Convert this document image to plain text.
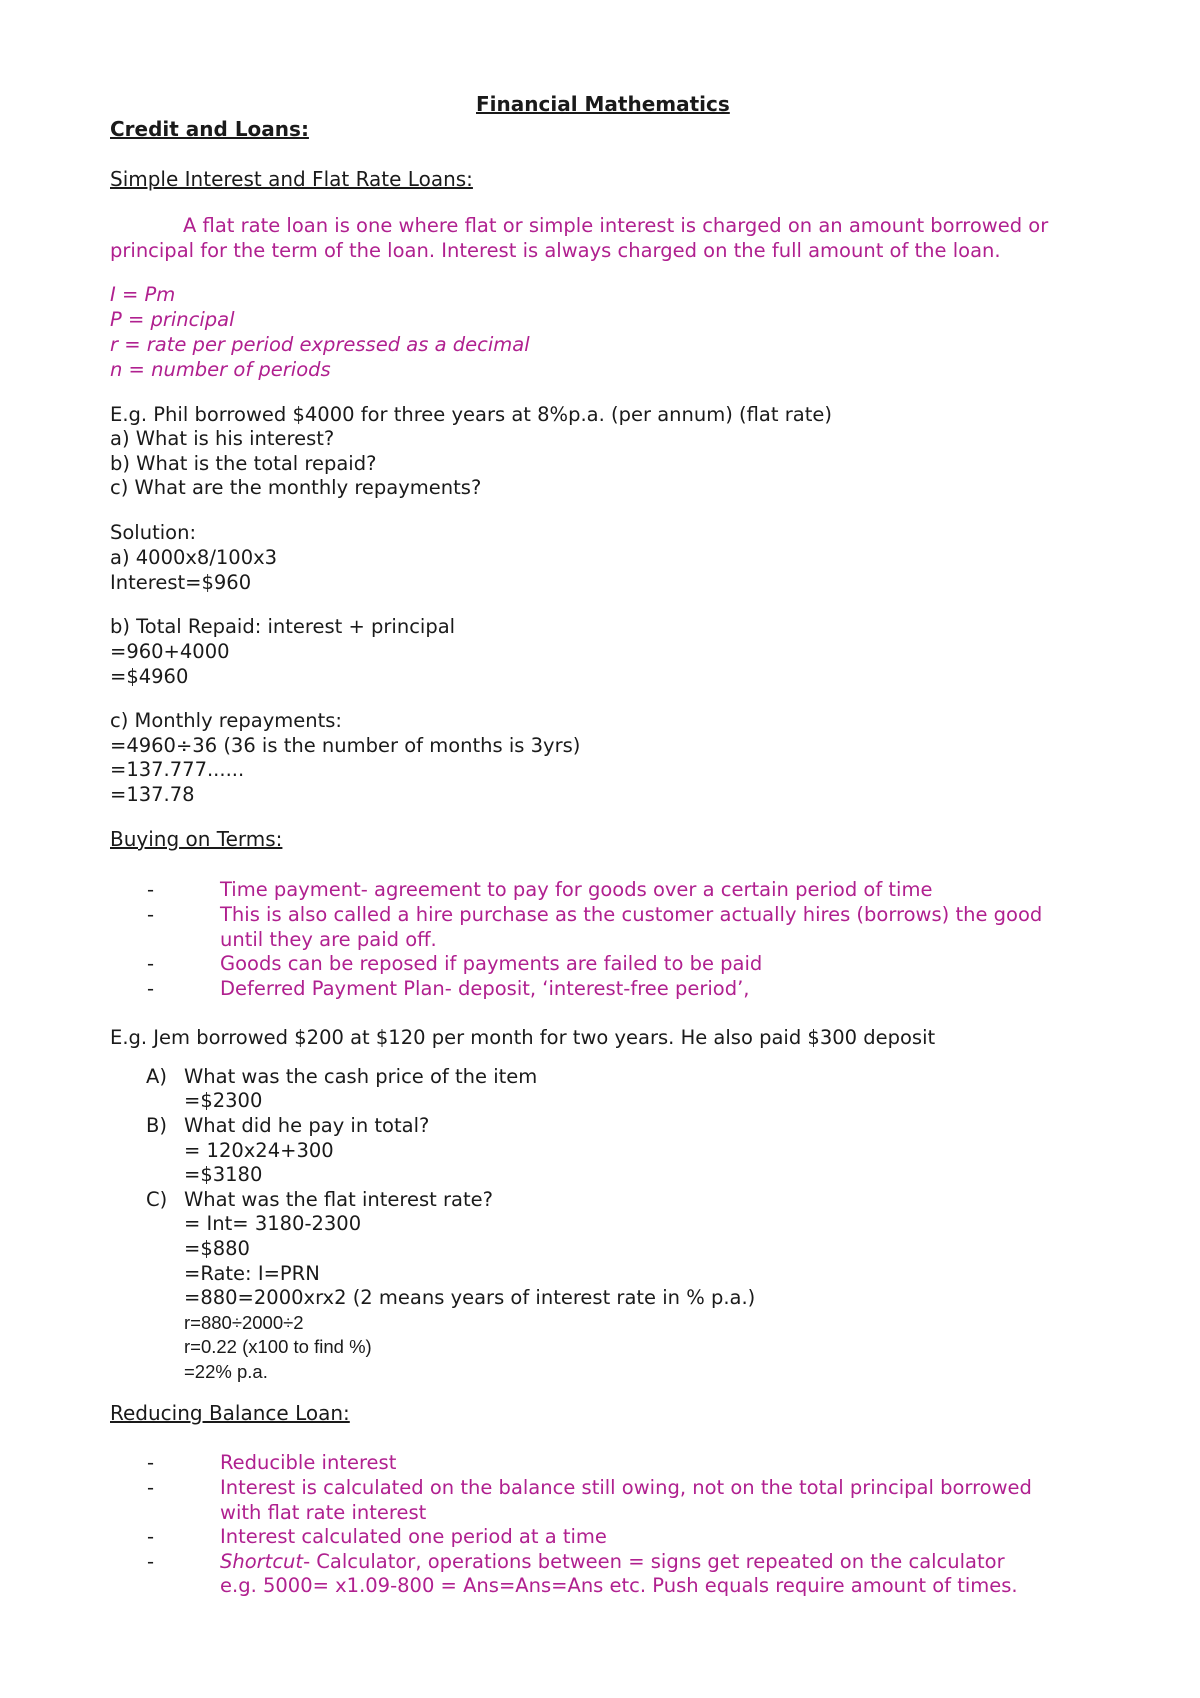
Financial Mathematics
Credit and Loans:
Simple Interest and Flat Rate Loans:
A flat rate loan is one where flat or simple interest is charged on an amount borrowed or
principal for the term of the loan. Interest is always charged on the full amount of the loan.
I = Pm
P = principal
r = rate per period expressed as a decimal
n = number of periods
E.g. Phil borrowed $4000 for three years at 8%p.a. (per annum) (flat rate)
a) What is his interest?
b) What is the total repaid?
c) What are the monthly repayments?
Solution:
a) 4000x8/100x3
Interest=$960
b) Total Repaid: interest + principal
=960+4000
=$4960
c) Monthly repayments:
=4960÷36 (36 is the number of months is 3yrs)
=137.777......
=137.78
Buying on Terms:
-	Time payment- agreement to pay for goods over a certain period of time
-	This is also called a hire purchase as the customer actually hires (borrows) the good
until they are paid off.
-	Goods can be reposed if payments are failed to be paid
-	Deferred Payment Plan- deposit, ‘interest-free period’,
E.g. Jem borrowed $200 at $120 per month for two years. He also paid $300 deposit
A) What was the cash price of the item
=$2300
B) What did he pay in total?
= 120x24+300
=$3180
C) What was the flat interest rate?
= Int= 3180-2300
=$880
=Rate: I=PRN
=880=2000xrx2 (2 means years of interest rate in % p.a.)
r=880÷2000÷2
r=0.22 (x100 to find %)
=22% p.a.
Reducing Balance Loan:
-	Reducible interest
-	Interest is calculated on the balance still owing, not on the total principal borrowed
with flat rate interest
-	Interest calculated one period at a time
-	Shortcut- Calculator, operations between = signs get repeated on the calculator
e.g. 5000= x1.09-800 = Ans=Ans=Ans etc. Push equals require amount of times.
